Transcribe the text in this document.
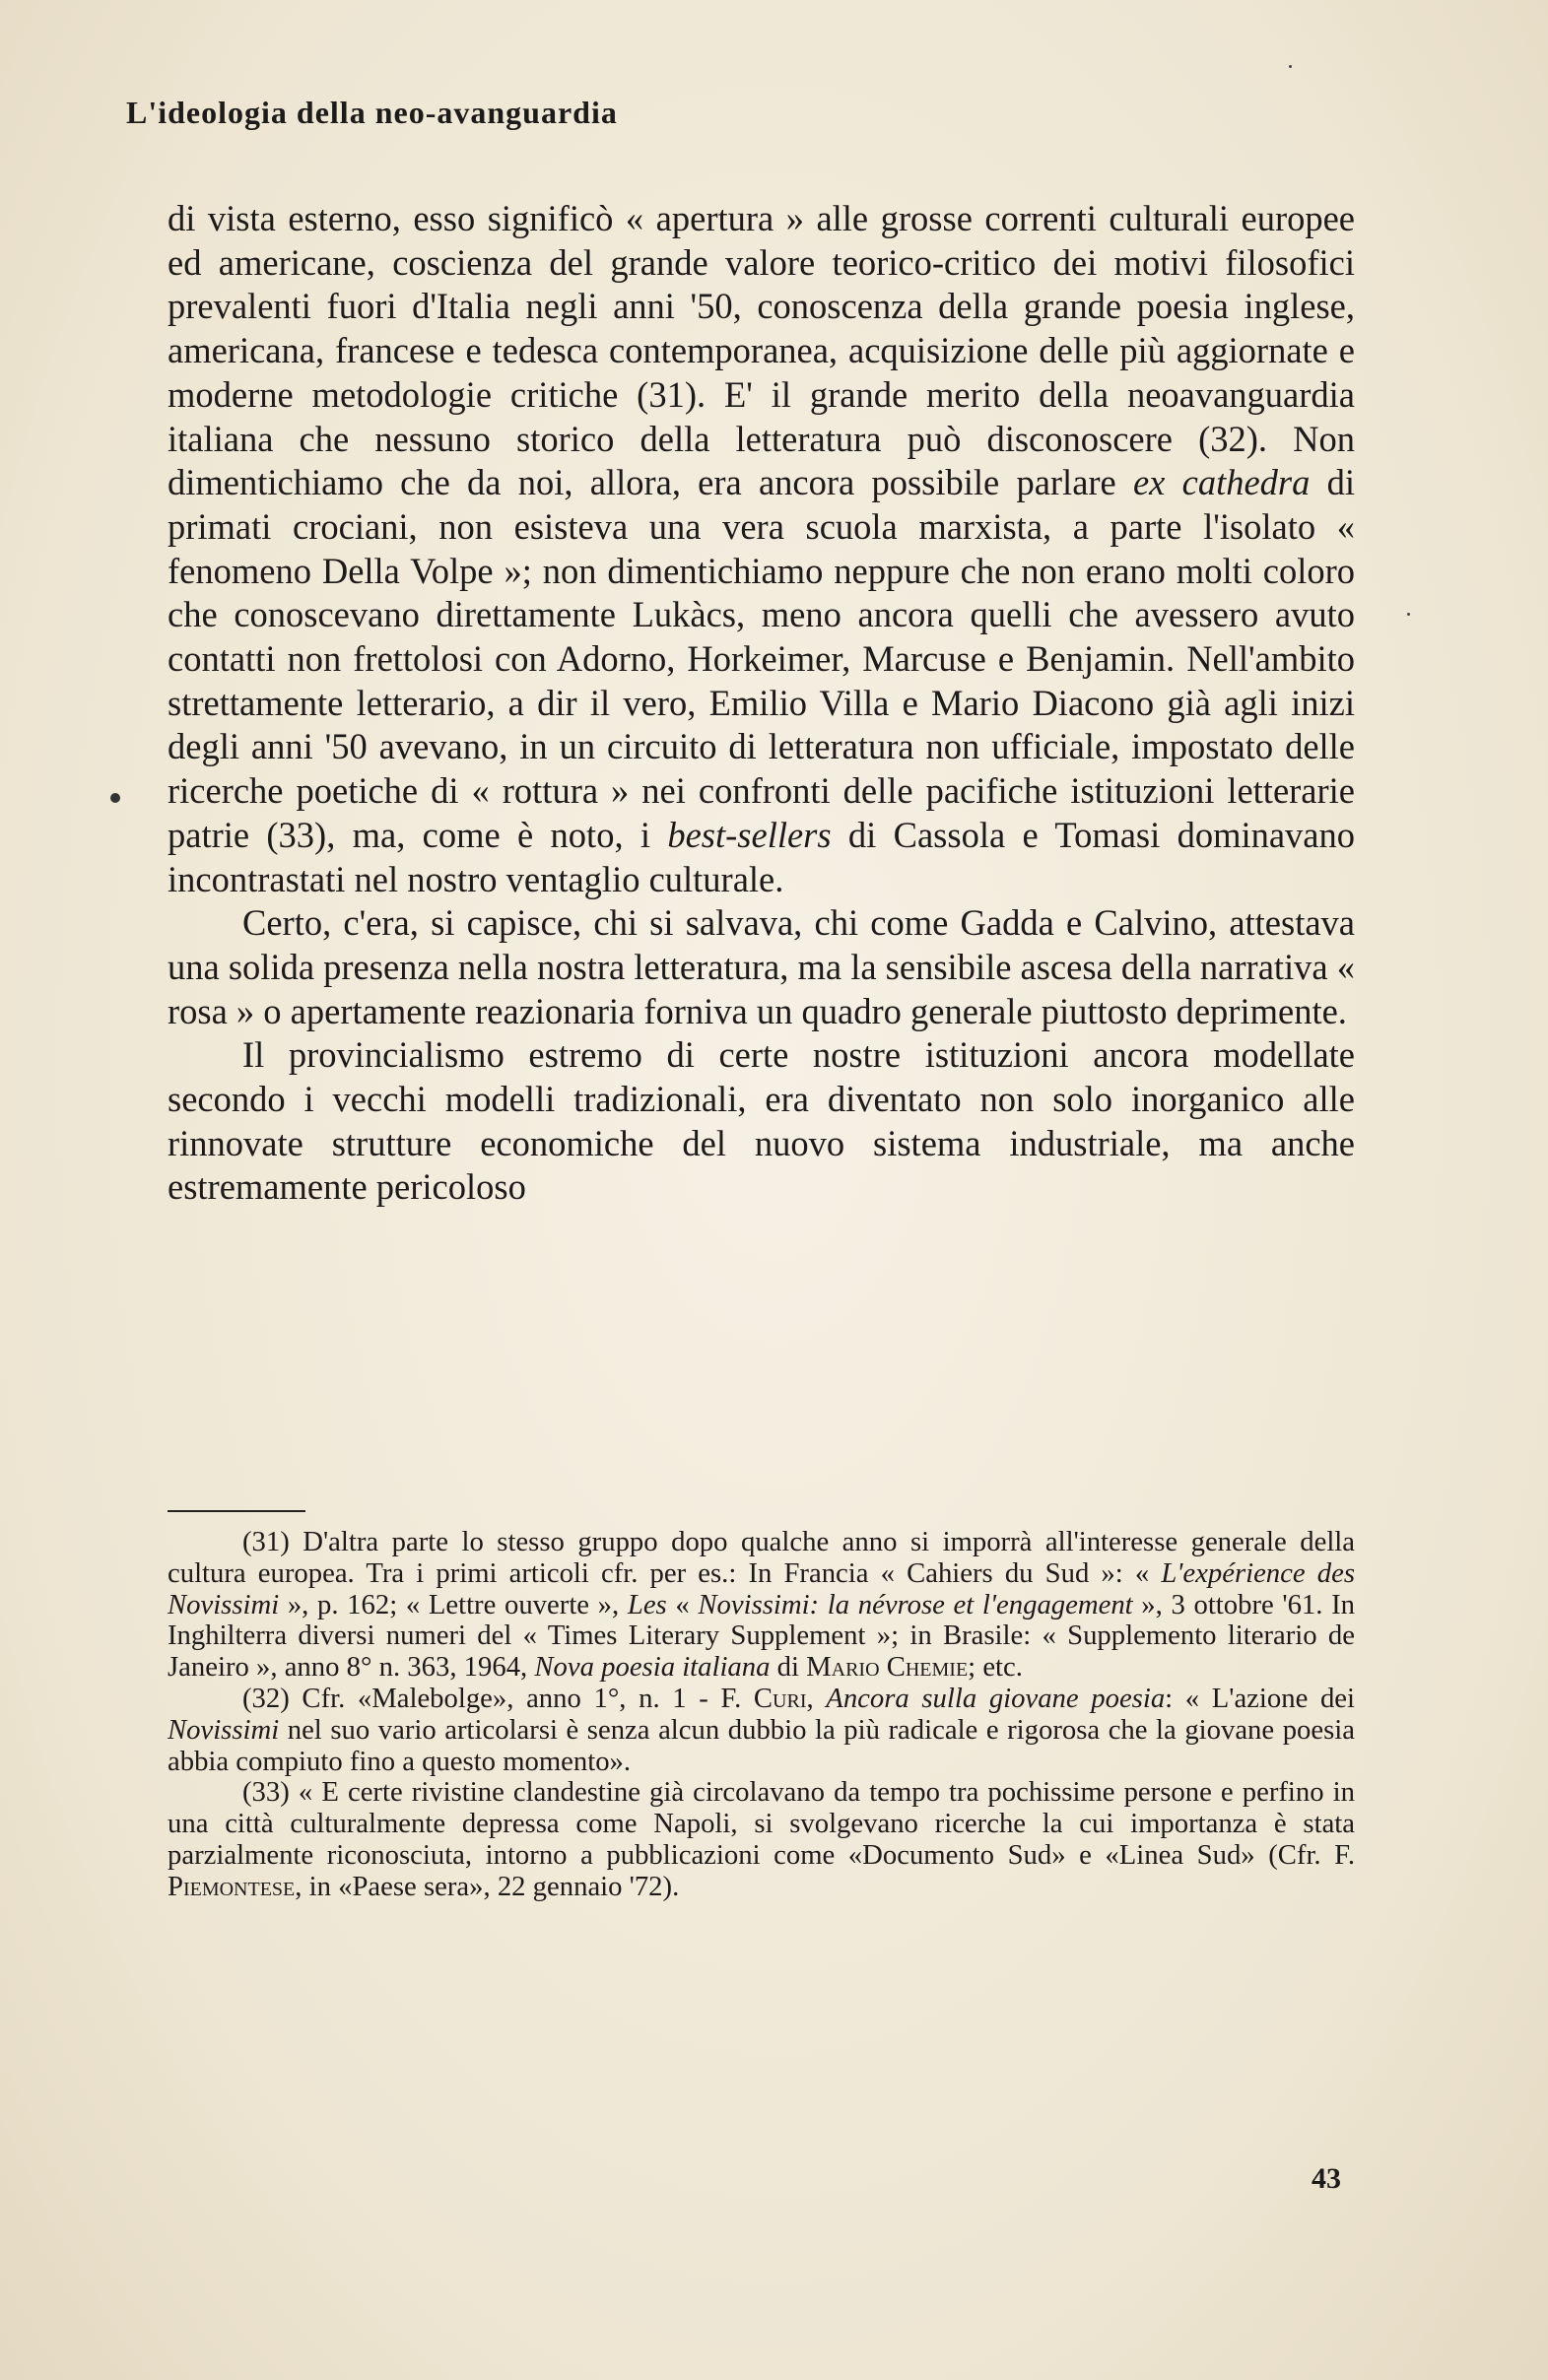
L'ideologia della neo-avanguardia

di vista esterno, esso significò « apertura » alle grosse correnti culturali europee ed americane, coscienza del grande valore teorico-critico dei motivi filosofici prevalenti fuori d'Italia negli anni '50, conoscenza della grande poesia inglese, americana, francese e tedesca contemporanea, acquisizione delle più aggiornate e moderne metodologie critiche (31). E' il grande merito della neoavanguardia italiana che nessuno storico della letteratura può disconoscere (32). Non dimentichiamo che da noi, allora, era ancora possibile parlare ex cathedra di primati crociani, non esisteva una vera scuola marxista, a parte l'isolato « fenomeno Della Volpe »; non dimentichiamo neppure che non erano molti coloro che conoscevano direttamente Lukàcs, meno ancora quelli che avessero avuto contatti non frettolosi con Adorno, Horkeimer, Marcuse e Benjamin. Nell'ambito strettamente letterario, a dir il vero, Emilio Villa e Mario Diacono già agli inizi degli anni '50 avevano, in un circuito di letteratura non ufficiale, impostato delle ricerche poetiche di « rottura » nei confronti delle pacifiche istituzioni letterarie patrie (33), ma, come è noto, i best-sellers di Cassola e Tomasi dominavano incontrastati nel nostro ventaglio culturale.

Certo, c'era, si capisce, chi si salvava, chi come Gadda e Calvino, attestava una solida presenza nella nostra letteratura, ma la sensibile ascesa della narrativa « rosa » o apertamente reazionaria forniva un quadro generale piuttosto deprimente.

Il provincialismo estremo di certe nostre istituzioni ancora modellate secondo i vecchi modelli tradizionali, era diventato non solo inorganico alle rinnovate strutture economiche del nuovo sistema industriale, ma anche estremamente pericoloso

(31) D'altra parte lo stesso gruppo dopo qualche anno si imporrà all'interesse generale della cultura europea. Tra i primi articoli cfr. per es.: In Francia « Cahiers du Sud »: « L'expérience des Novissimi », p. 162; « Lettre ouverte », Les « Novissimi: la névrose et l'engagement », 3 ottobre '61. In Inghilterra diversi numeri del « Times Literary Supplement »; in Brasile: « Supplemento literario de Janeiro », anno 8° n. 363, 1964, Nova poesia italiana di Mario Chemie; etc.

(32) Cfr. «Malebolge», anno 1°, n. 1 - F. Curi, Ancora sulla giovane poesia: « L'azione dei Novissimi nel suo vario articolarsi è senza alcun dubbio la più radicale e rigorosa che la giovane poesia abbia compiuto fino a questo momento».

(33) « E certe rivistine clandestine già circolavano da tempo tra pochissime persone e perfino in una città culturalmente depressa come Napoli, si svolgevano ricerche la cui importanza è stata parzialmente riconosciuta, intorno a pubblicazioni come «Documento Sud» e «Linea Sud» (Cfr. F. Piemontese, in «Paese sera», 22 gennaio '72).

43
